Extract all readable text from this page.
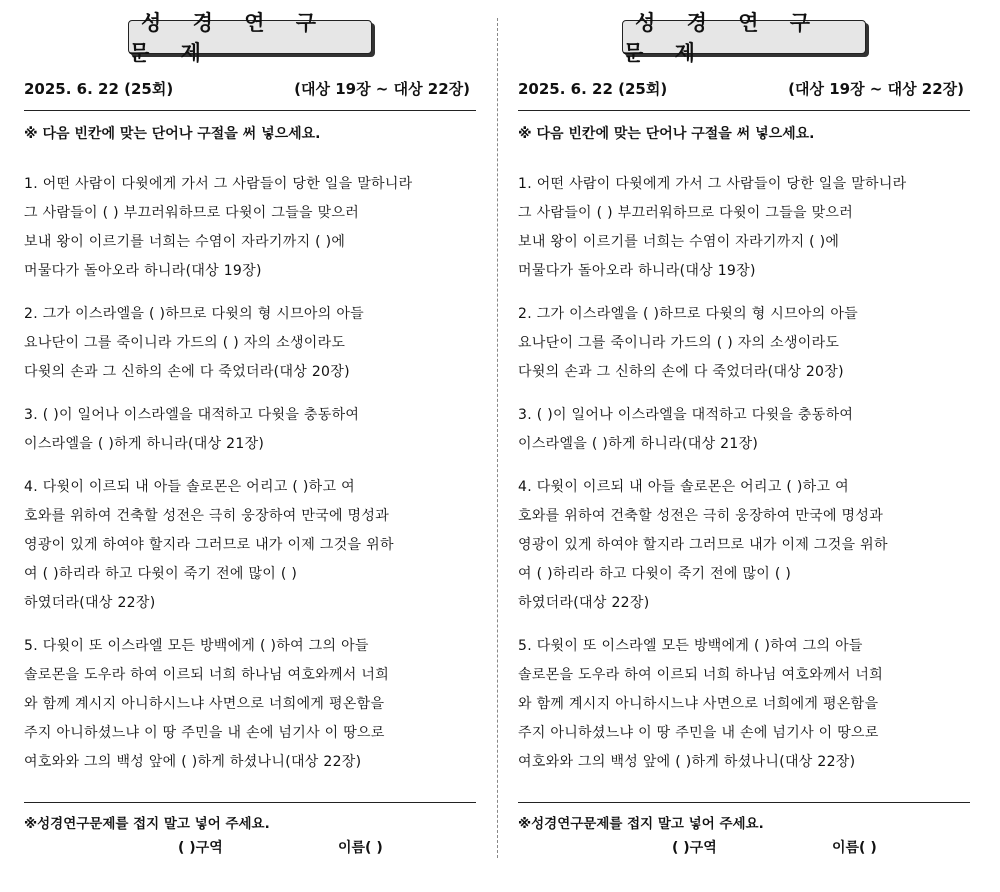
성 경 연 구 문 제
2025. 6. 22 (25회)	(대상 19장 ~ 대상 22장)
※ 다음 빈칸에 맞는 단어나 구절을 써 넣으세요.
1. 어떤 사람이 다윗에게 가서 그 사람들이 당한 일을 말하니라
그 사람들이 ( ) 부끄러워하므로 다윗이 그들을 맞으러
보내 왕이 이르기를 너희는 수염이 자라기까지 ( )에
머물다가 돌아오라 하니라(대상 19장)
2. 그가 이스라엘을 ( )하므로 다윗의 형 시므아의 아들
요나단이 그를 죽이니라 가드의 ( ) 자의 소생이라도
다윗의 손과 그 신하의 손에 다 죽었더라(대상 20장)
3. ( )이 일어나 이스라엘을 대적하고 다윗을 충동하여
이스라엘을 ( )하게 하니라(대상 21장)
4. 다윗이 이르되 내 아들 솔로몬은 어리고 ( )하고 여
호와를 위하여 건축할 성전은 극히 웅장하여 만국에 명성과
영광이 있게 하여야 할지라 그러므로 내가 이제 그것을 위하
여 ( )하리라 하고 다윗이 죽기 전에 많이 ( )
하였더라(대상 22장)
5. 다윗이 또 이스라엘 모든 방백에게 ( )하여 그의 아들
솔로몬을 도우라 하여 이르되 너희 하나님 여호와께서 너희
와 함께 계시지 아니하시느냐 사면으로 너희에게 평온함을
주지 아니하셨느냐 이 땅 주민을 내 손에 넘기사 이 땅으로
여호와와 그의 백성 앞에 ( )하게 하셨나니(대상 22장)
※성경연구문제를 접지 말고 넣어 주세요.
( )구역	이름( )
성 경 연 구 문 제
2025. 6. 22 (25회)	(대상 19장 ~ 대상 22장)
※ 다음 빈칸에 맞는 단어나 구절을 써 넣으세요.
1. 어떤 사람이 다윗에게 가서 그 사람들이 당한 일을 말하니라
그 사람들이 ( ) 부끄러워하므로 다윗이 그들을 맞으러
보내 왕이 이르기를 너희는 수염이 자라기까지 ( )에
머물다가 돌아오라 하니라(대상 19장)
2. 그가 이스라엘을 ( )하므로 다윗의 형 시므아의 아들
요나단이 그를 죽이니라 가드의 ( ) 자의 소생이라도
다윗의 손과 그 신하의 손에 다 죽었더라(대상 20장)
3. ( )이 일어나 이스라엘을 대적하고 다윗을 충동하여
이스라엘을 ( )하게 하니라(대상 21장)
4. 다윗이 이르되 내 아들 솔로몬은 어리고 ( )하고 여
호와를 위하여 건축할 성전은 극히 웅장하여 만국에 명성과
영광이 있게 하여야 할지라 그러므로 내가 이제 그것을 위하
여 ( )하리라 하고 다윗이 죽기 전에 많이 ( )
하였더라(대상 22장)
5. 다윗이 또 이스라엘 모든 방백에게 ( )하여 그의 아들
솔로몬을 도우라 하여 이르되 너희 하나님 여호와께서 너희
와 함께 계시지 아니하시느냐 사면으로 너희에게 평온함을
주지 아니하셨느냐 이 땅 주민을 내 손에 넘기사 이 땅으로
여호와와 그의 백성 앞에 ( )하게 하셨나니(대상 22장)
※성경연구문제를 접지 말고 넣어 주세요.
( )구역	이름( )
